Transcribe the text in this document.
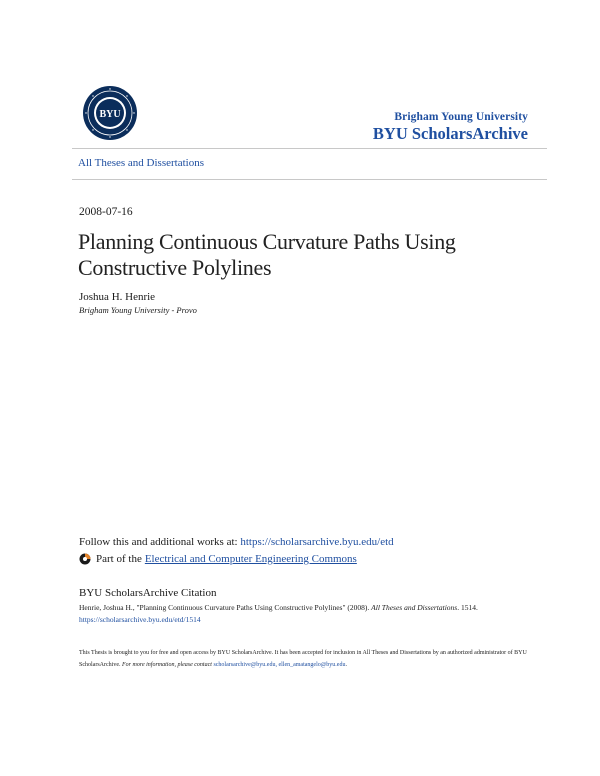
BYU	Brigham Young University
BYU ScholarsArchive
All Theses and Dissertations
2008-07-16
Planning Continuous Curvature Paths Using Constructive Polylines
Joshua H. Henrie
Brigham Young University - Provo
Follow this and additional works at: https://scholarsarchive.byu.edu/etd
Part of the Electrical and Computer Engineering Commons
BYU ScholarsArchive Citation
Henrie, Joshua H., "Planning Continuous Curvature Paths Using Constructive Polylines" (2008). All Theses and Dissertations. 1514.
https://scholarsarchive.byu.edu/etd/1514
This Thesis is brought to you for free and open access by BYU ScholarsArchive. It has been accepted for inclusion in All Theses and Dissertations by an authorized administrator of BYU ScholarsArchive. For more information, please contact scholarsarchive@byu.edu, ellen_amatangelo@byu.edu.
